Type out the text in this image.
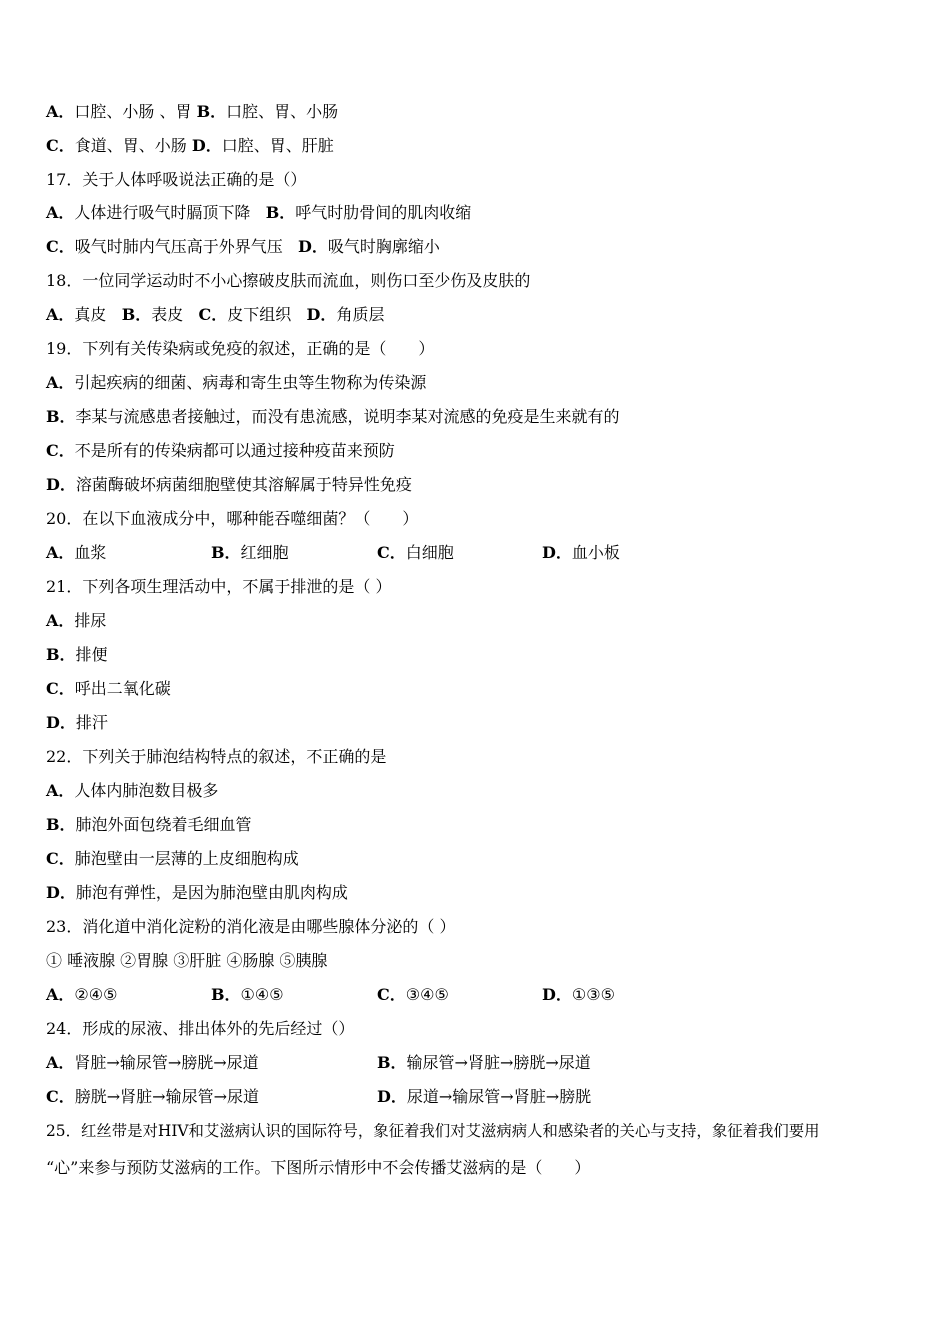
A．口腔、小肠 、胃 B．口腔、胃、小肠
C．食道、胃、小肠 D．口腔、胃、肝脏
17．关于人体呼吸说法正确的是（）
A．人体进行吸气时膈顶下降 B．呼气时肋骨间的肌肉收缩
C．吸气时肺内气压高于外界气压 D．吸气时胸廓缩小
18．一位同学运动时不小心擦破皮肤而流血，则伤口至少伤及皮肤的
A．真皮 B．表皮 C．皮下组织 D．角质层
19．下列有关传染病或免疫的叙述，正确的是（　　）
A．引起疾病的细菌、病毒和寄生虫等生物称为传染源
B．李某与流感患者接触过，而没有患流感，说明李某对流感的免疫是生来就有的
C．不是所有的传染病都可以通过接种疫苗来预防
D．溶菌酶破坏病菌细胞壁使其溶解属于特异性免疫
20．在以下血液成分中，哪种能吞噬细菌？（　　）
A．血浆	B．红细胞	C．白细胞	D．血小板
21．下列各项生理活动中，不属于排泄的是（ ）
A．排尿
B．排便
C．呼出二氧化碳
D．排汗
22．下列关于肺泡结构特点的叙述，不正确的是
A．人体内肺泡数目极多
B．肺泡外面包绕着毛细血管
C．肺泡壁由一层薄的上皮细胞构成
D．肺泡有弹性，是因为肺泡壁由肌肉构成
23．消化道中消化淀粉的消化液是由哪些腺体分泌的（ ）
① 唾液腺 ②胃腺 ③肝脏 ④肠腺 ⑤胰腺
A．②④⑤	B．①④⑤	C．③④⑤	D．①③⑤
24．形成的尿液、排出体外的先后经过（）
A．肾脏→输尿管→膀胱→尿道	B．输尿管→肾脏→膀胱→尿道
C．膀胱→肾脏→输尿管→尿道	D．尿道→输尿管→肾脏→膀胱
25．红丝带是对HIV和艾滋病认识的国际符号，象征着我们对艾滋病病人和感染者的关心与支持，象征着我们要用
“心”来参与预防艾滋病的工作。下图所示情形中不会传播艾滋病的是（　　）
